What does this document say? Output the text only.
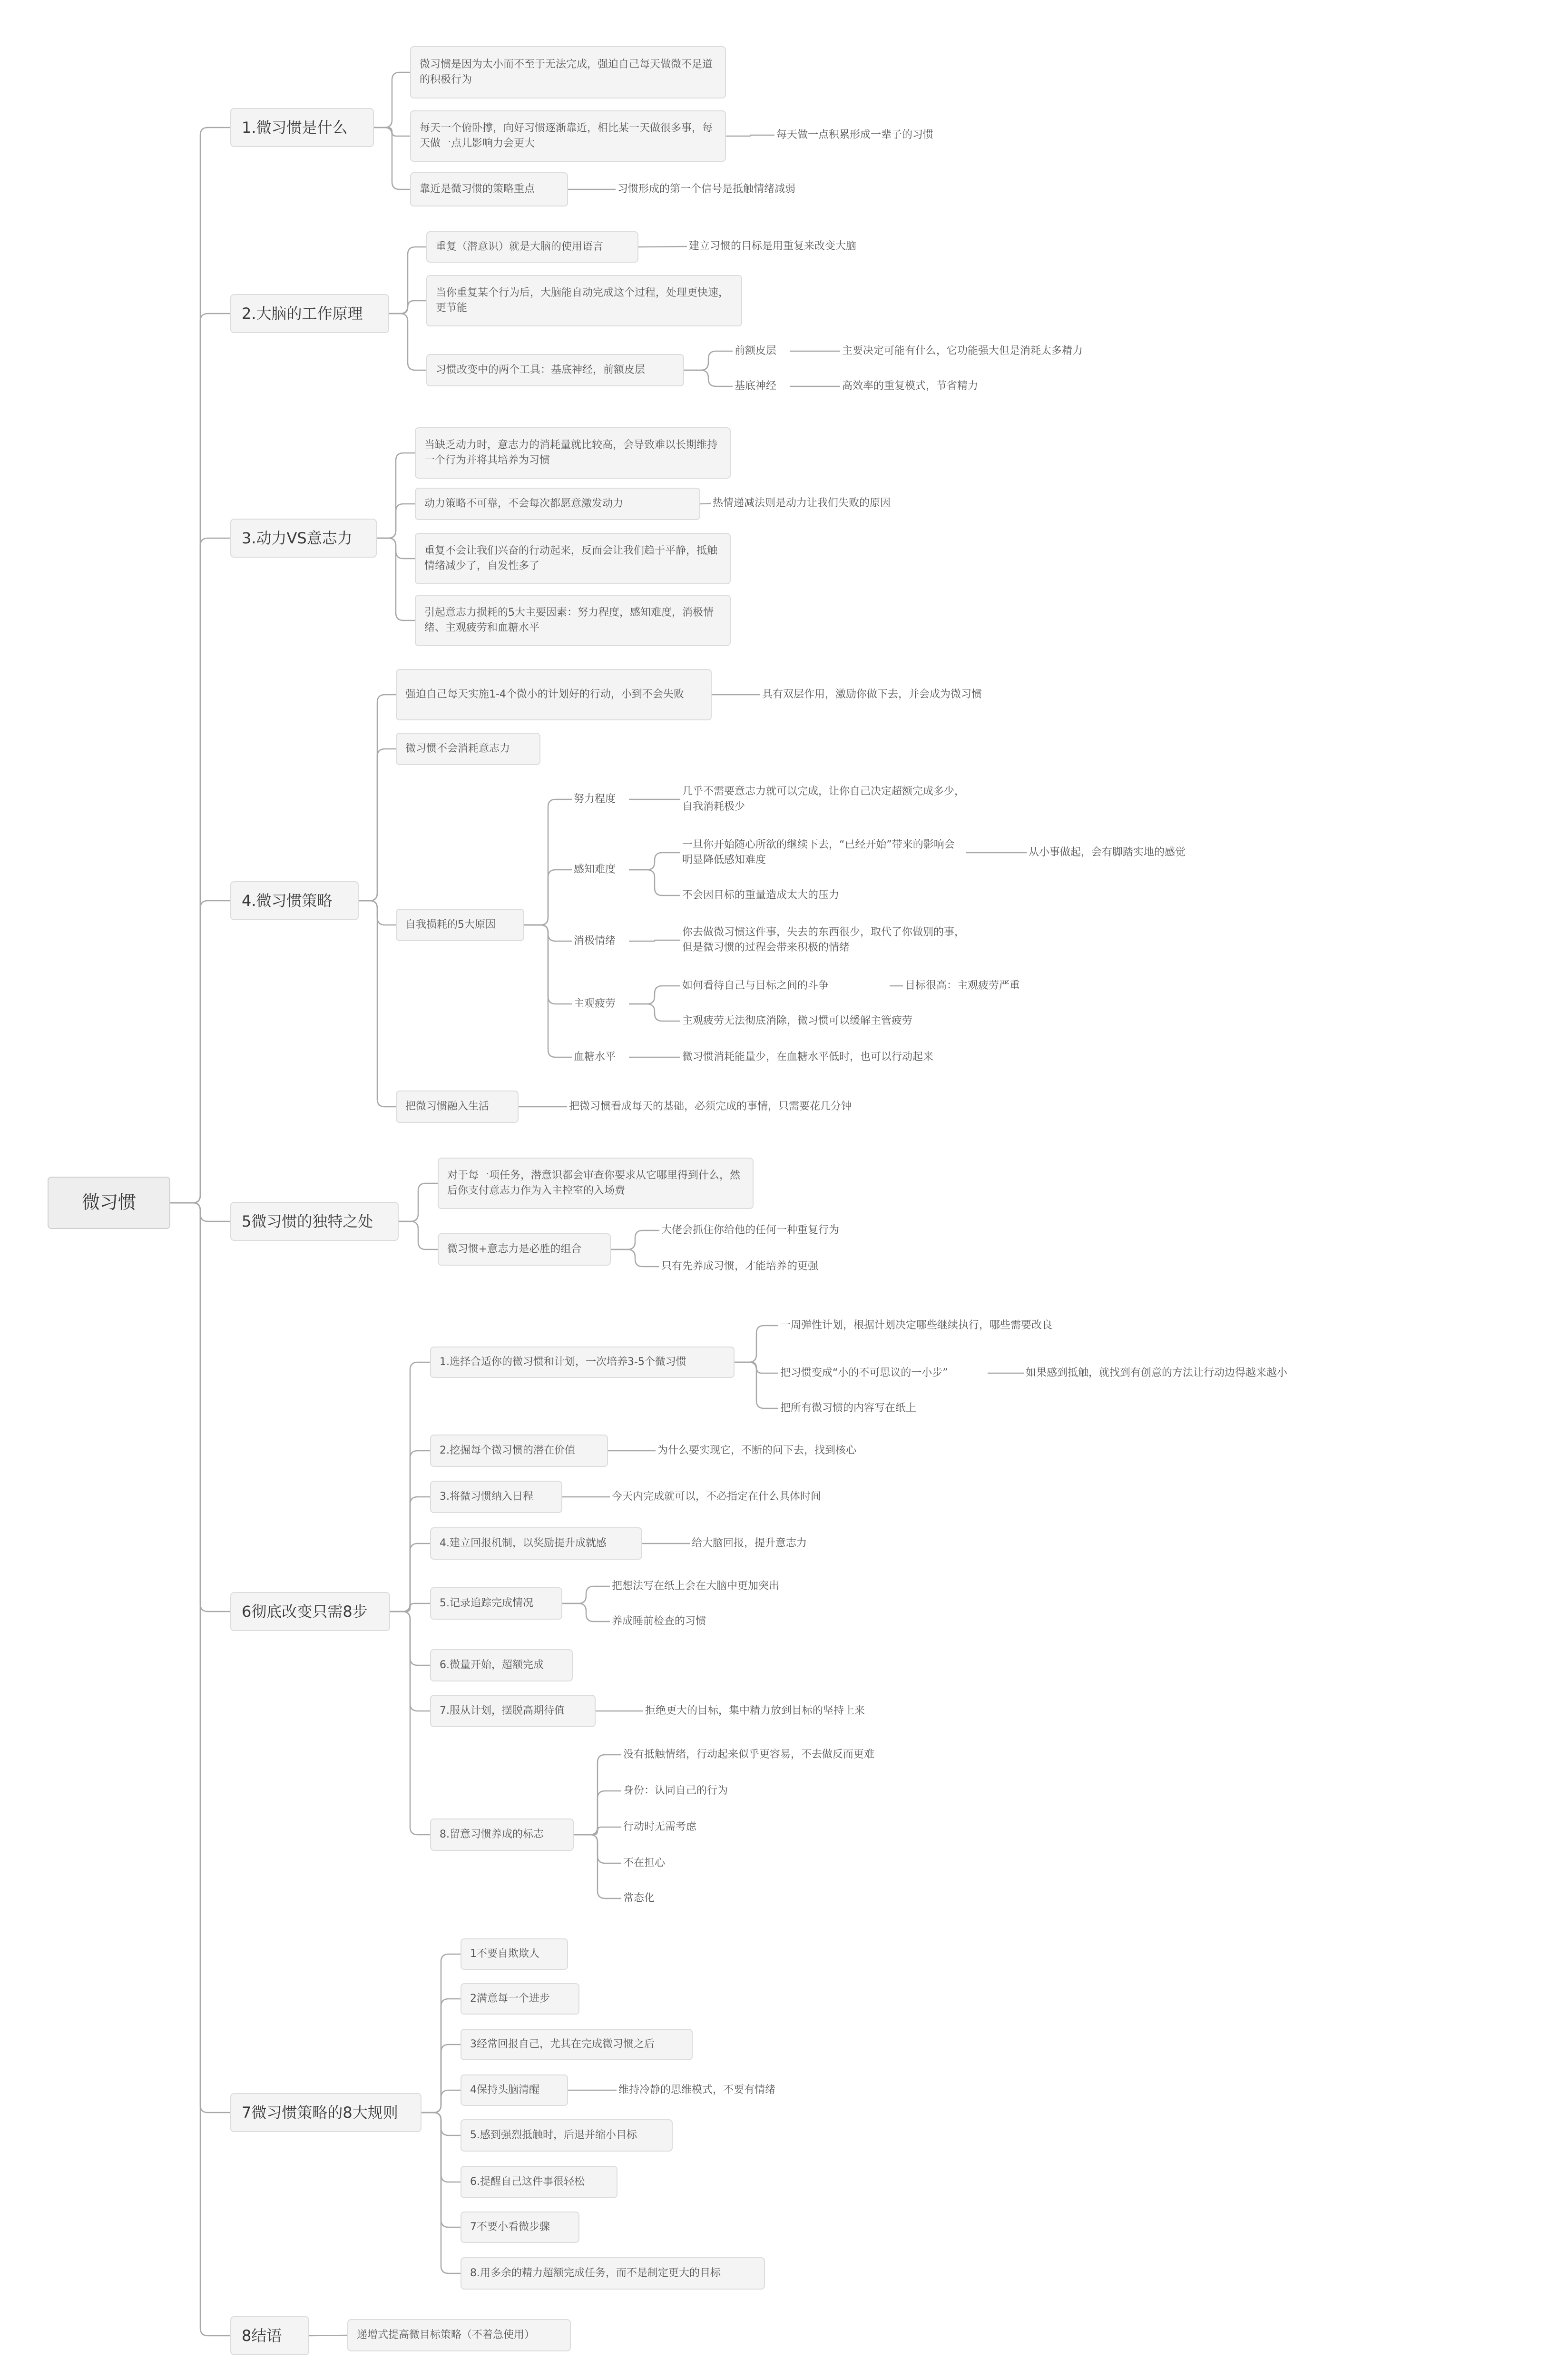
微习惯
1.微习惯是什么
微习惯是因为太小而不至于无法完成，强迫自己每天做微不足道的积极行为
每天一个俯卧撑，向好习惯逐渐靠近，相比某一天做很多事，每天做一点儿影响力会更大
每天做一点积累形成一辈子的习惯
靠近是微习惯的策略重点	习惯形成的第一个信号是抵触情绪减弱
2.大脑的工作原理
重复（潜意识）就是大脑的使用语言	建立习惯的目标是用重复来改变大脑
当你重复某个行为后，大脑能自动完成这个过程，处理更快速，更节能
习惯改变中的两个工具：基底神经，前额皮层
前额皮层	主要决定可能有什么，它功能强大但是消耗太多精力
基底神经	高效率的重复模式，节省精力
3.动力VS意志力
当缺乏动力时，意志力的消耗量就比较高，会导致难以长期维持一个行为并将其培养为习惯
动力策略不可靠，不会每次都愿意激发动力	热情递减法则是动力让我们失败的原因
重复不会让我们兴奋的行动起来，反而会让我们趋于平静，抵触情绪减少了，自发性多了
引起意志力损耗的5大主要因素：努力程度，感知难度，消极情绪、主观疲劳和血糖水平
4.微习惯策略
强迫自己每天实施1-4个微小的计划好的行动，小到不会失败	具有双层作用，激励你做下去，并会成为微习惯
微习惯不会消耗意志力
自我损耗的5大原因
努力程度
几乎不需要意志力就可以完成，让你自己决定超额完成多少，自我消耗极少
感知难度
一旦你开始随心所欲的继续下去，“已经开始”带来的影响会明显降低感知难度
从小事做起，会有脚踏实地的感觉
不会因目标的重量造成太大的压力
消极情绪
你去做微习惯这件事，失去的东西很少，取代了你做别的事，但是微习惯的过程会带来积极的情绪
主观疲劳
如何看待自己与目标之间的斗争	目标很高：主观疲劳严重
主观疲劳无法彻底消除，微习惯可以缓解主管疲劳
血糖水平	微习惯消耗能量少，在血糖水平低时，也可以行动起来
把微习惯融入生活	把微习惯看成每天的基础，必须完成的事情，只需要花几分钟
5微习惯的独特之处
对于每一项任务，潜意识都会审查你要求从它哪里得到什么，然后你支付意志力作为入主控室的入场费
微习惯+意志力是必胜的组合
大佬会抓住你给他的任何一种重复行为
只有先养成习惯，才能培养的更强
6彻底改变只需8步
1.选择合适你的微习惯和计划，一次培养3-5个微习惯
一周弹性计划，根据计划决定哪些继续执行，哪些需要改良
把习惯变成“小的不可思议的一小步”	如果感到抵触，就找到有创意的方法让行动边得越来越小
把所有微习惯的内容写在纸上
2.挖掘每个微习惯的潜在价值	为什么要实现它，不断的问下去，找到核心
3.将微习惯纳入日程	今天内完成就可以，不必指定在什么具体时间
4.建立回报机制，以奖励提升成就感	给大脑回报，提升意志力
5.记录追踪完成情况
把想法写在纸上会在大脑中更加突出
养成睡前检查的习惯
6.微量开始，超额完成
7.服从计划，摆脱高期待值	拒绝更大的目标，集中精力放到目标的坚持上来
8.留意习惯养成的标志
没有抵触情绪，行动起来似乎更容易，不去做反而更难
身份：认同自己的行为
行动时无需考虑
不在担心
常态化
7微习惯策略的8大规则
1不要自欺欺人
2满意每一个进步
3经常回报自己，尤其在完成微习惯之后
4保持头脑清醒	维持冷静的思维模式，不要有情绪
5.感到强烈抵触时，后退并缩小目标
6.提醒自己这件事很轻松
7不要小看微步骤
8.用多余的精力超额完成任务，而不是制定更大的目标
8结语	递增式提高微目标策略（不着急使用）
